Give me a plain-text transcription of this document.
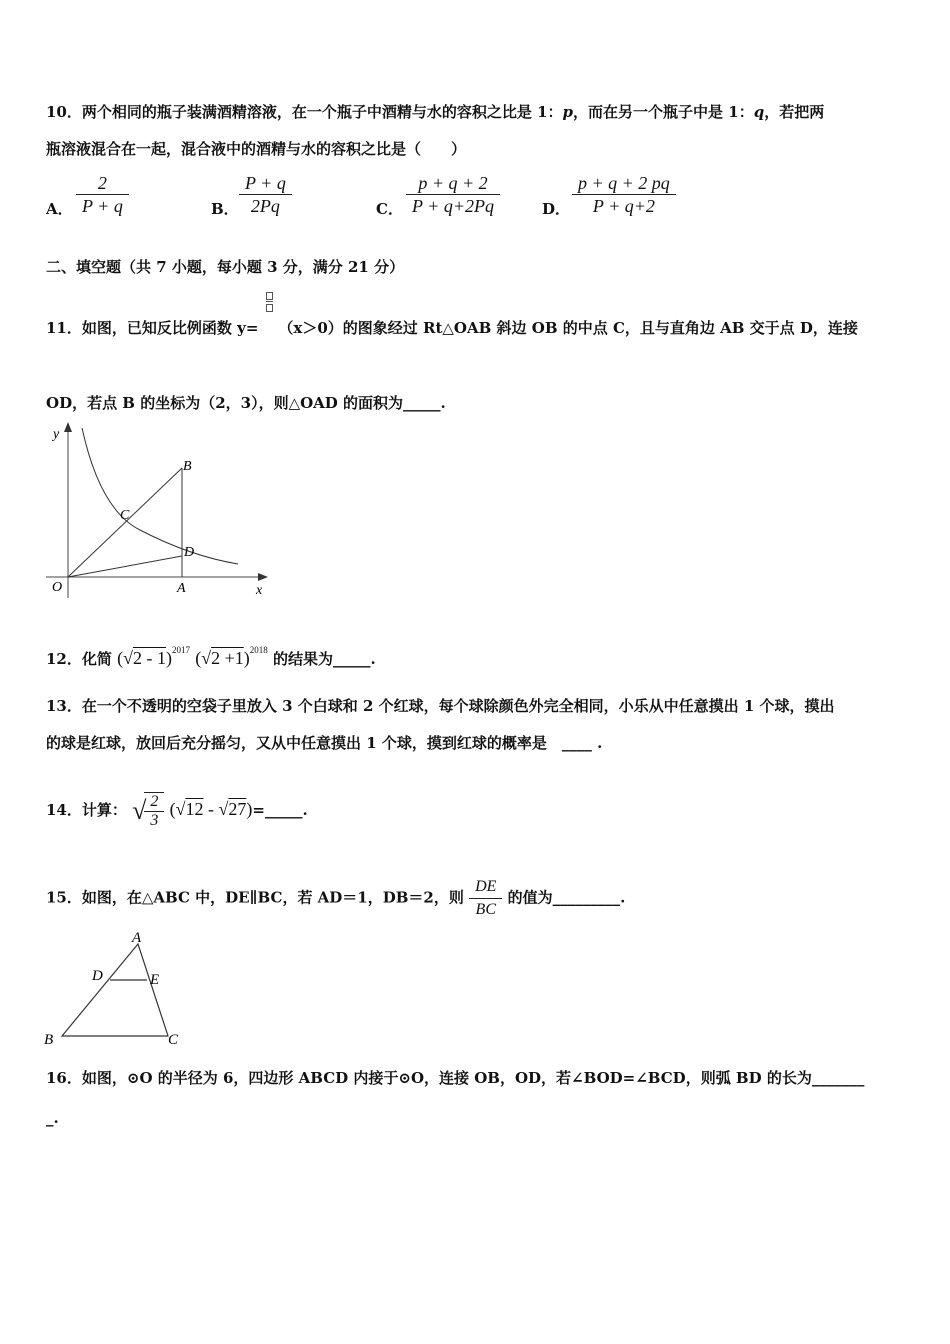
10．两个相同的瓶子装满酒精溶液，在一个瓶子中酒精与水的容积之比是 1：p，而在另一个瓶子中是 1：q，若把两
瓶溶液混合在一起，混合液中的酒精与水的容积之比是（　　）
A． $\frac{2}{P + q}$	B． $\frac{P + q}{2Pq}$	C． $\frac{p + q + 2}{P + q+2Pq}$	D． $\frac{p + q + 2 pq}{P + q+2}$
二、填空题（共 7 小题，每小题 3 分，满分 21 分）
11．如图，已知反比例函数 y= （x＞0）的图象经过 Rt△OAB 斜边 OB 的中点 C，且与直角边 AB 交于点 D，连接
OD，若点 B 的坐标为（2，3），则△OAD 的面积为_____.
y
x
O	A
B
C
D
12．化简 (√2 - 1)$^{2017}$ $(√2 +1)^{2018}$ 的结果为_____.
13．在一个不透明的空袋子里放入 3 个白球和 2 个红球，每个球除颜色外完全相同，小乐从中任意摸出 1 个球，摸出
的球是红球，放回后充分摇匀，又从中任意摸出 1 个球，摸到红球的概率是　____ .
14．计算： √
$\frac{2}{3} (√12$ - √27)=_____.
15．如图，在△ABC 中，DE∥BC，若 AD＝1，DB＝2，则 $\frac{DE}{BC}$ 的值为_________.
A
B	C
D	E
16．如图，⊙O 的半径为 6，四边形 ABCD 内接于⊙O，连接 OB，OD，若∠BOD=∠BCD，则弧 BD 的长为_______
_.
